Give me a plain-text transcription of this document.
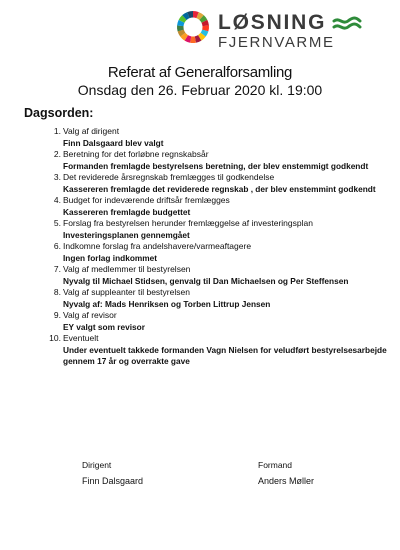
LØSNING
FJERNVARME
Referat af Generalforsamling
Onsdag den 26. Februar 2020 kl. 19:00
Dagsorden:
1. Valg af dirigent
Finn Dalsgaard blev valgt
2. Beretning for det forløbne regnskabsår
Formanden fremlagde bestyrelsens beretning, der blev enstemmigt godkendt
3. Det reviderede årsregnskab fremlægges til godkendelse
Kassereren fremlagde det reviderede regnskab , der blev enstemmint godkendt
4. Budget for indeværende driftsår fremlægges
Kassereren fremlagde budgettet
5. Forslag fra bestyrelsen herunder fremlæggelse af investeringsplan
Investeringsplanen gennemgået
6. Indkomne forslag fra andelshavere/varmeaftagere
Ingen forlag indkommet
7. Valg af medlemmer til bestyrelsen
Nyvalg til Michael Stidsen, genvalg til Dan Michaelsen og Per Steffensen
8. Valg af suppleanter til bestyrelsen
Nyvalg af: Mads Henriksen og Torben Littrup Jensen
9. Valg af revisor
EY valgt som revisor
10. Eventuelt
Under eventuelt takkede formanden Vagn Nielsen for veludført bestyrelsesarbejde gennem 17 år og overrakte gave
Dirigent
Finn Dalsgaard
Formand
Anders Møller
